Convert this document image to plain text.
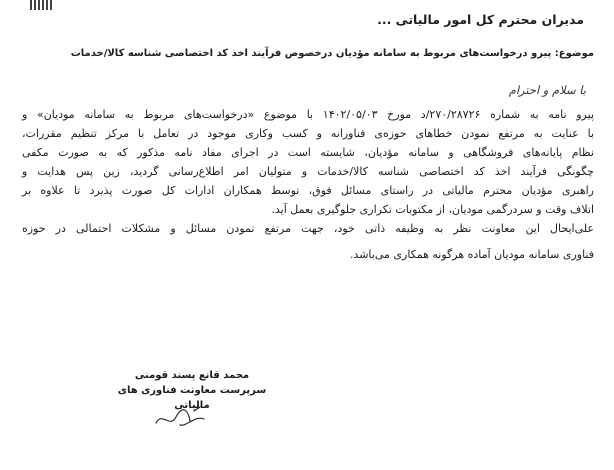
مدیران محترم کل امور مالیاتی ...
موضوع: پیرو درخواست‌های مربوط به سامانه مؤدیان درخصوص فرآیند اخذ کد اختصاصی شناسه کالا/خدمات
با سلام و احترام
پیرو نامه به شماره ۲۷۰/۲۸۷۲۶/د مورخ ۱۴۰۲/۰۵/۰۳ با موضوع «درخواست‌های مربوط به سامانه مودیان» و
با عنایت به مرتفع نمودن خطاهای حوزه‌ی فناورانه و کسب وکاری موجود در تعامل با مرکز تنظیم مقررات،
نظام پایانه‌های فروشگاهی و سامانه مؤدیان، شایسته است در اجرای مفاد نامه مذکور که به صورت مکفی
چگونگی فرآیند اخذ کد اختصاصی شناسه کالا/خدمات و متولیان امر اطلاع‌رسانی گردید، زین پس هدایت و
راهبری مؤدیان محترم مالیاتی در راستای مسائل فوق، توسط همکاران ادارات کل صورت پذیرد تا علاوه بر
اتلاف وقت و سردرگمی مودیان، از مکتوبات تکراری جلوگیری بعمل آید.
علی‌ایحال این معاونت نظر به وظیفه ذاتی خود، جهت مرتفع نمودن مسائل و مشکلات احتمالی در حوزه
فناوری سامانه مودیان آماده هرگونه همکاری می‌باشد.
محمد قانع پسند قومنی
سرپرست معاونت فناوری های مالیاتی
